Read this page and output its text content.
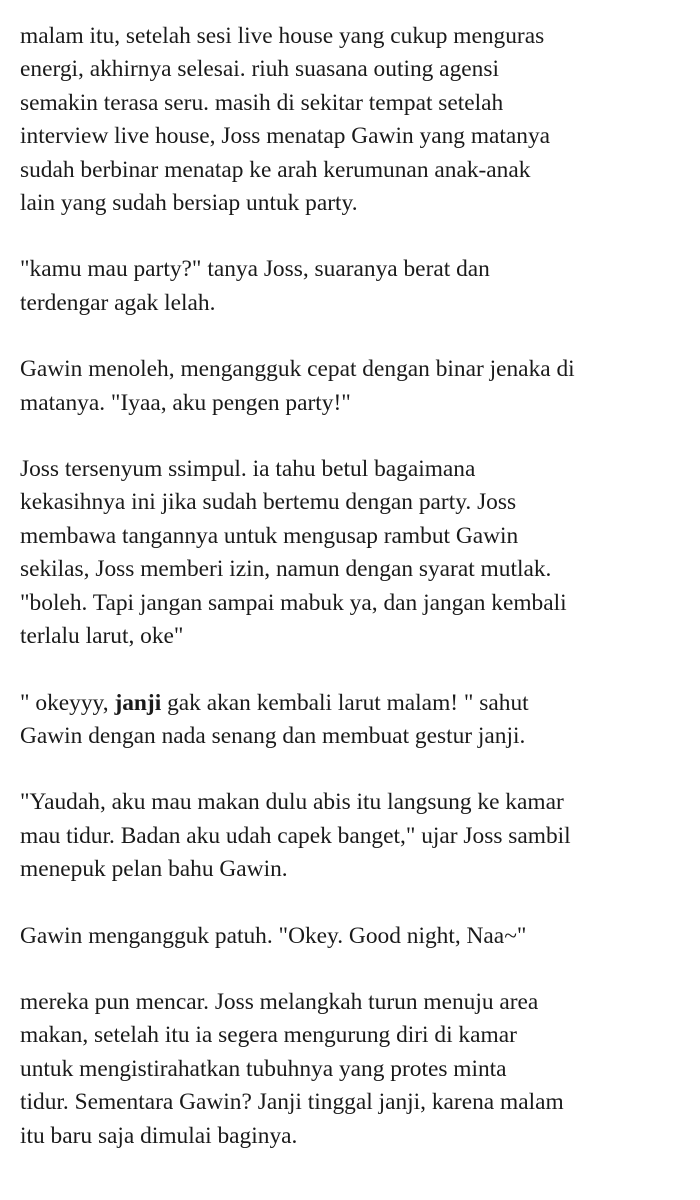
malam itu, setelah sesi live house yang cukup menguras
energi, akhirnya selesai. riuh suasana outing agensi
semakin terasa seru. masih di sekitar tempat setelah
interview live house, Joss menatap Gawin yang matanya
sudah berbinar menatap ke arah kerumunan anak-anak
lain yang sudah bersiap untuk party.

"kamu mau party?" tanya Joss, suaranya berat dan
terdengar agak lelah.

Gawin menoleh, mengangguk cepat dengan binar jenaka di
matanya. "Iyaa, aku pengen party!"

Joss tersenyum ssimpul. ia tahu betul bagaimana
kekasihnya ini jika sudah bertemu dengan party. Joss
membawa tangannya untuk mengusap rambut Gawin
sekilas, Joss memberi izin, namun dengan syarat mutlak.
"boleh. Tapi jangan sampai mabuk ya, dan jangan kembali
terlalu larut, oke"

" okeyyy, janji gak akan kembali larut malam! " sahut
Gawin dengan nada senang dan membuat gestur janji.

"Yaudah, aku mau makan dulu abis itu langsung ke kamar
mau tidur. Badan aku udah capek banget," ujar Joss sambil
menepuk pelan bahu Gawin.

Gawin mengangguk patuh. "Okey. Good night, Naa~"

mereka pun mencar. Joss melangkah turun menuju area
makan, setelah itu ia segera mengurung diri di kamar
untuk mengistirahatkan tubuhnya yang protes minta
tidur. Sementara Gawin? Janji tinggal janji, karena malam
itu baru saja dimulai baginya.
